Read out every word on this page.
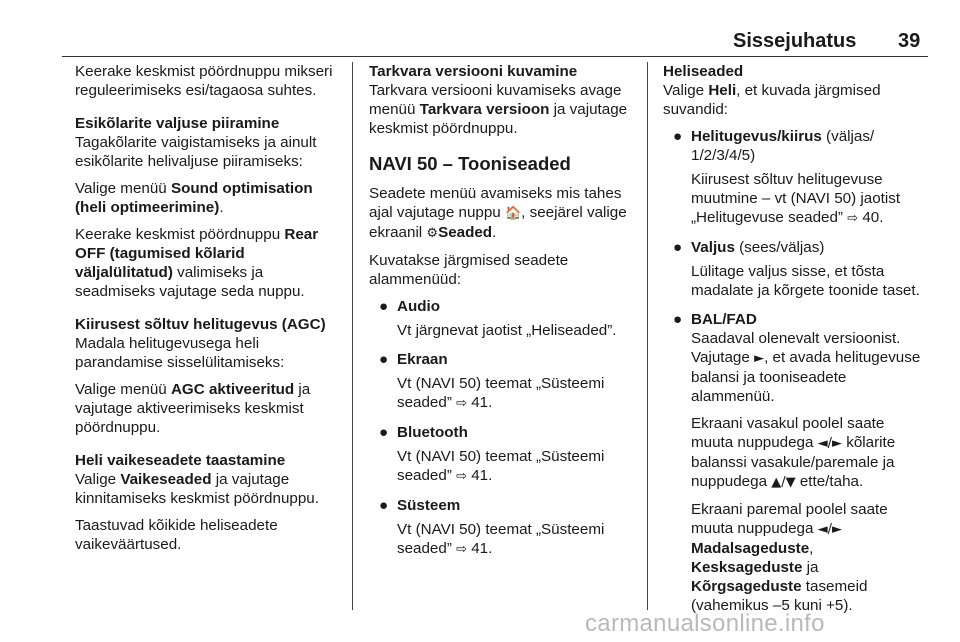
Sissejuhatus 39

Keerake keskmist pöördnuppu mikseri reguleerimiseks esi/tagaosa suhtes.

Esikõlarite valjuse piiramine

Tagakõlarite vaigistamiseks ja ainult esikõlarite helivaljuse piiramiseks:

Valige menüü Sound optimisation (heli optimeerimine).

Keerake keskmist pöördnuppu Rear OFF (tagumised kõlarid väljalülitatud) valimiseks ja seadmiseks vajutage seda nuppu.

Kiirusest sõltuv helitugevus (AGC)

Madala helitugevusega heli parandamise sisselülitamiseks:

Valige menüü AGC aktiveeritud ja vajutage aktiveerimiseks keskmist pöördnuppu.

Heli vaikeseadete taastamine

Valige Vaikeseaded ja vajutage kinnitamiseks keskmist pöördnuppu.

Taastuvad kõikide heliseadete vaikeväärtused.

Tarkvara versiooni kuvamine

Tarkvara versiooni kuvamiseks avage menüü Tarkvara versioon ja vajutage keskmist pöördnuppu.

NAVI 50 – Tooniseaded

Seadete menüü avamiseks mis tahes ajal vajutage nuppu 🏠, seejärel valige ekraanil ⚙Seaded.

Kuvatakse järgmised seadete alammenüüd:

● Audio
Vt järgnevat jaotist „Heliseaded”.
● Ekraan
Vt (NAVI 50) teemat „Süsteemi seaded” ⇨ 41.
● Bluetooth
Vt (NAVI 50) teemat „Süsteemi seaded” ⇨ 41.
● Süsteem
Vt (NAVI 50) teemat „Süsteemi seaded” ⇨ 41.
Heliseaded

Valige Heli, et kuvada järgmised suvandid:

● Helitugevus/kiirus (väljas/ 1/2/3/4/5)
Kiirusest sõltuv helitugevuse muutmine – vt (NAVI 50) jaotist „Helitugevuse seaded” ⇨ 40.
● Valjus (sees/väljas)
Lülitage valjus sisse, et tõsta madalate ja kõrgete toonide taset.
● BAL/FAD

Saadaval olenevalt versioonist. Vajutage ►, et avada helitugevuse balansi ja tooniseadete alammenüü.

Ekraani vasakul poolel saate muuta nuppudega ◄/► kõlarite balanssi vasakule/paremale ja nuppudega ▲/▼ ette/taha.

Ekraani paremal poolel saate muuta nuppudega ◄/►
Madalsageduste,
Kesksageduste ja
Kõrgsageduste tasemeid (vahemikus –5 kuni +5).

carmanualsonline.info
